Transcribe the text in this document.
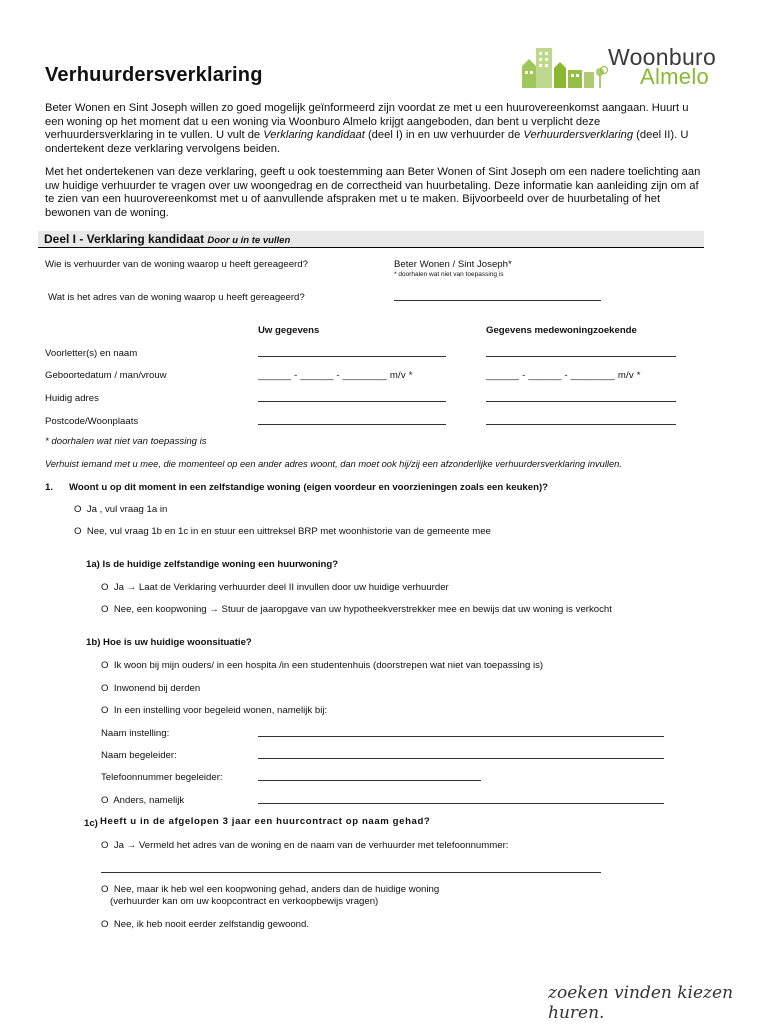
Woonburo
Almelo
Verhuurdersverklaring
Beter Wonen en Sint Joseph willen zo goed mogelijk geïnformeerd zijn voordat ze met u een huurovereenkomst aangaan. Huurt u een woning op het moment dat u een woning via Woonburo Almelo krijgt aangeboden, dan bent u verplicht deze verhuurdersverklaring in te vullen. U vult de Verklaring kandidaat (deel I) in en uw verhuurder de Verhuurdersverklaring (deel II). U ondertekent deze verklaring vervolgens beiden.
Met het ondertekenen van deze verklaring, geeft u ook toestemming aan Beter Wonen of Sint Joseph om een nadere toelichting aan uw huidige verhuurder te vragen over uw woongedrag en de correctheid van huurbetaling. Deze informatie kan aanleiding zijn om af te zien van een huurovereenkomst met u of aanvullende afspraken met u te maken. Bijvoorbeeld over de huurbetaling of het bewonen van de woning.
Deel I - Verklaring kandidaat Door u in te vullen
Wie is verhuurder van de woning waarop u heeft gereageerd?	Beter Wonen / Sint Joseph*
* doorhalen wat niet van toepassing is
Wat is het adres van de woning waarop u heeft gereageerd?
Uw gegevens	Gegevens medewoningzoekende
Voorletter(s) en naam
Geboortedatum / man/vrouw	______ - ______ - ________ m/v *	______ - ______ - ________ m/v *
Huidig adres
Postcode/Woonplaats
* doorhalen wat niet van toepassing is
Verhuist iemand met u mee, die momenteel op een ander adres woont, dan moet ook hij/zij een afzonderlijke verhuurdersverklaring invullen.
1. Woont u op dit moment in een zelfstandige woning (eigen voordeur en voorzieningen zoals een keuken)?
O Ja , vul vraag 1a in
O Nee, vul vraag 1b en 1c in en stuur een uittreksel BRP met woonhistorie van de gemeente mee
1a) Is de huidige zelfstandige woning een huurwoning?
O Ja → Laat de Verklaring verhuurder deel II invullen door uw huidige verhuurder
O Nee, een koopwoning → Stuur de jaaropgave van uw hypotheekverstrekker mee en bewijs dat uw woning is verkocht
1b) Hoe is uw huidige woonsituatie?
O Ik woon bij mijn ouders/ in een hospita /in een studentenhuis (doorstrepen wat niet van toepassing is)
O Inwonend bij derden
O In een instelling voor begeleid wonen, namelijk bij:
Naam instelling:
Naam begeleider:
Telefoonnummer begeleider:
O Anders, namelijk
1c) Heeft u in de afgelopen 3 jaar een huurcontract op naam gehad?
O Ja → Vermeld het adres van de woning en de naam van de verhuurder met telefoonnummer:
O Nee, maar ik heb wel een koopwoning gehad, anders dan de huidige woning
(verhuurder kan om uw koopcontract en verkoopbewijs vragen)
O Nee, ik heb nooit eerder zelfstandig gewoond.
zoeken vinden kiezen huren.
